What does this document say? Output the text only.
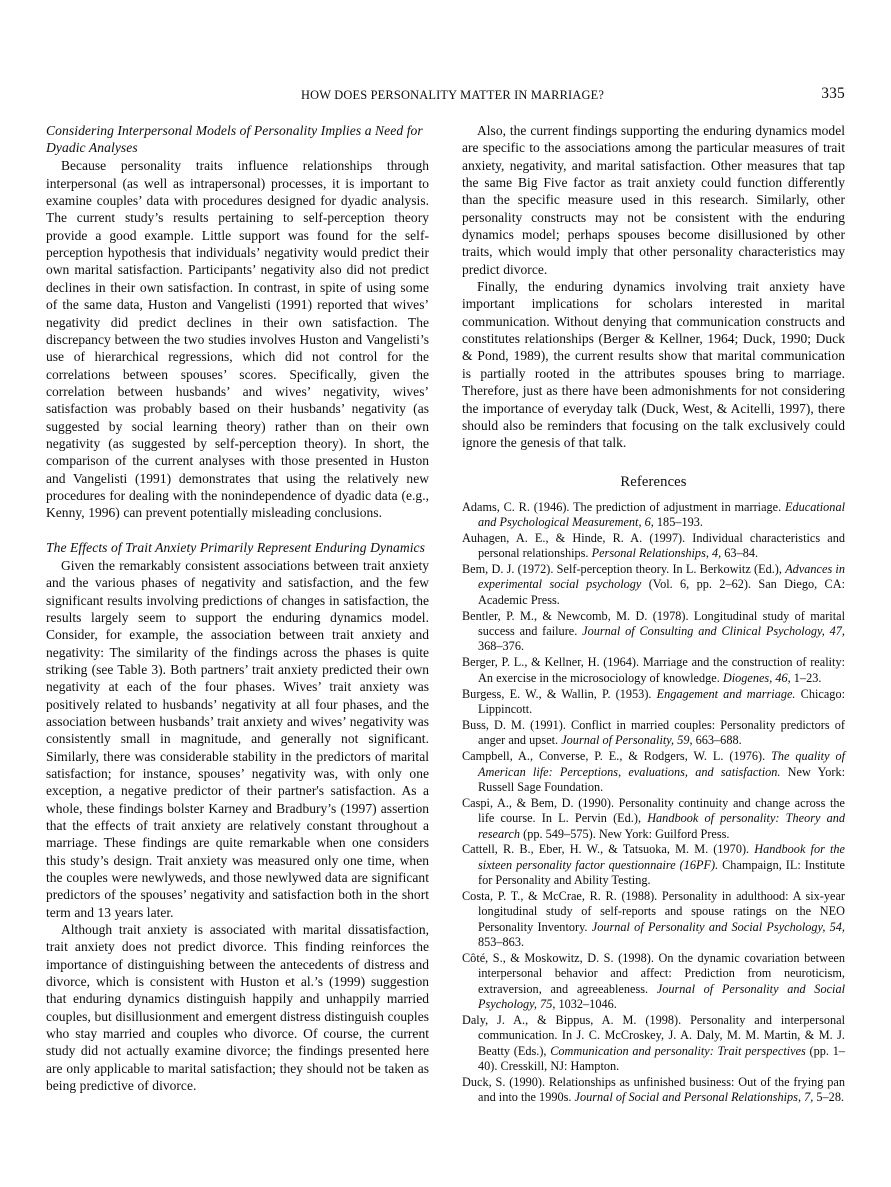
HOW DOES PERSONALITY MATTER IN MARRIAGE?	335
Considering Interpersonal Models of Personality Implies a Need for Dyadic Analyses

Because personality traits influence relationships through interpersonal (as well as intrapersonal) processes, it is important to examine couples’ data with procedures designed for dyadic analysis. The current study’s results pertaining to self-perception theory provide a good example. Little support was found for the self-perception hypothesis that individuals’ negativity would predict their own marital satisfaction. Participants’ negativity also did not predict declines in their own satisfaction. In contrast, in spite of using some of the same data, Huston and Vangelisti (1991) reported that wives’ negativity did predict declines in their own satisfaction. The discrepancy between the two studies involves Huston and Vangelisti’s use of hierarchical regressions, which did not control for the correlations between spouses’ scores. Specifically, given the correlation between husbands’ and wives’ negativity, wives’ satisfaction was probably based on their husbands’ negativity (as suggested by social learning theory) rather than on their own negativity (as suggested by self-perception theory). In short, the comparison of the current analyses with those presented in Huston and Vangelisti (1991) demonstrates that using the relatively new procedures for dealing with the nonindependence of dyadic data (e.g., Kenny, 1996) can prevent potentially misleading conclusions.

The Effects of Trait Anxiety Primarily Represent Enduring Dynamics

Given the remarkably consistent associations between trait anxiety and the various phases of negativity and satisfaction, and the few significant results involving predictions of changes in satisfaction, the results largely seem to support the enduring dynamics model. Consider, for example, the association between trait anxiety and negativity: The similarity of the findings across the phases is quite striking (see Table 3). Both partners’ trait anxiety predicted their own negativity at each of the four phases. Wives’ trait anxiety was positively related to husbands’ negativity at all four phases, and the association between husbands’ trait anxiety and wives’ negativity was consistently small in magnitude, and generally not significant. Similarly, there was considerable stability in the predictors of marital satisfaction; for instance, spouses’ negativity was, with only one exception, a negative predictor of their partner's satisfaction. As a whole, these findings bolster Karney and Bradbury’s (1997) assertion that the effects of trait anxiety are relatively constant throughout a marriage. These findings are quite remarkable when one considers this study’s design. Trait anxiety was measured only one time, when the couples were newlyweds, and those newlywed data are significant predictors of the spouses’ negativity and satisfaction both in the short term and 13 years later.

Although trait anxiety is associated with marital dissatisfaction, trait anxiety does not predict divorce. This finding reinforces the importance of distinguishing between the antecedents of distress and divorce, which is consistent with Huston et al.’s (1999) suggestion that enduring dynamics distinguish happily and unhappily married couples, but disillusionment and emergent distress distinguish couples who stay married and couples who divorce. Of course, the current study did not actually examine divorce; the findings presented here are only applicable to marital satisfaction; they should not be taken as being predictive of divorce.

Also, the current findings supporting the enduring dynamics model are specific to the associations among the particular measures of trait anxiety, negativity, and marital satisfaction. Other measures that tap the same Big Five factor as trait anxiety could function differently than the specific measure used in this research. Similarly, other personality constructs may not be consistent with the enduring dynamics model; perhaps spouses become disillusioned by other traits, which would imply that other personality characteristics may predict divorce.

Finally, the enduring dynamics involving trait anxiety have important implications for scholars interested in marital communication. Without denying that communication constructs and constitutes relationships (Berger & Kellner, 1964; Duck, 1990; Duck & Pond, 1989), the current results show that marital communication is partially rooted in the attributes spouses bring to marriage. Therefore, just as there have been admonishments for not considering the importance of everyday talk (Duck, West, & Acitelli, 1997), there should also be reminders that focusing on the talk exclusively could ignore the genesis of that talk.

References
Adams, C. R. (1946). The prediction of adjustment in marriage. Educational and Psychological Measurement, 6, 185–193.
Auhagen, A. E., & Hinde, R. A. (1997). Individual characteristics and personal relationships. Personal Relationships, 4, 63–84.
Bem, D. J. (1972). Self-perception theory. In L. Berkowitz (Ed.), Advances in experimental social psychology (Vol. 6, pp. 2–62). San Diego, CA: Academic Press.
Bentler, P. M., & Newcomb, M. D. (1978). Longitudinal study of marital success and failure. Journal of Consulting and Clinical Psychology, 47, 368–376.
Berger, P. L., & Kellner, H. (1964). Marriage and the construction of reality: An exercise in the microsociology of knowledge. Diogenes, 46, 1–23.
Burgess, E. W., & Wallin, P. (1953). Engagement and marriage. Chicago: Lippincott.
Buss, D. M. (1991). Conflict in married couples: Personality predictors of anger and upset. Journal of Personality, 59, 663–688.
Campbell, A., Converse, P. E., & Rodgers, W. L. (1976). The quality of American life: Perceptions, evaluations, and satisfaction. New York: Russell Sage Foundation.
Caspi, A., & Bem, D. (1990). Personality continuity and change across the life course. In L. Pervin (Ed.), Handbook of personality: Theory and research (pp. 549–575). New York: Guilford Press.
Cattell, R. B., Eber, H. W., & Tatsuoka, M. M. (1970). Handbook for the sixteen personality factor questionnaire (16PF). Champaign, IL: Institute for Personality and Ability Testing.
Costa, P. T., & McCrae, R. R. (1988). Personality in adulthood: A six-year longitudinal study of self-reports and spouse ratings on the NEO Personality Inventory. Journal of Personality and Social Psychology, 54, 853–863.
Côté, S., & Moskowitz, D. S. (1998). On the dynamic covariation between interpersonal behavior and affect: Prediction from neuroticism, extraversion, and agreeableness. Journal of Personality and Social Psychology, 75, 1032–1046.
Daly, J. A., & Bippus, A. M. (1998). Personality and interpersonal communication. In J. C. McCroskey, J. A. Daly, M. M. Martin, & M. J. Beatty (Eds.), Communication and personality: Trait perspectives (pp. 1–40). Cresskill, NJ: Hampton.
Duck, S. (1990). Relationships as unfinished business: Out of the frying pan and into the 1990s. Journal of Social and Personal Relationships, 7, 5–28.
